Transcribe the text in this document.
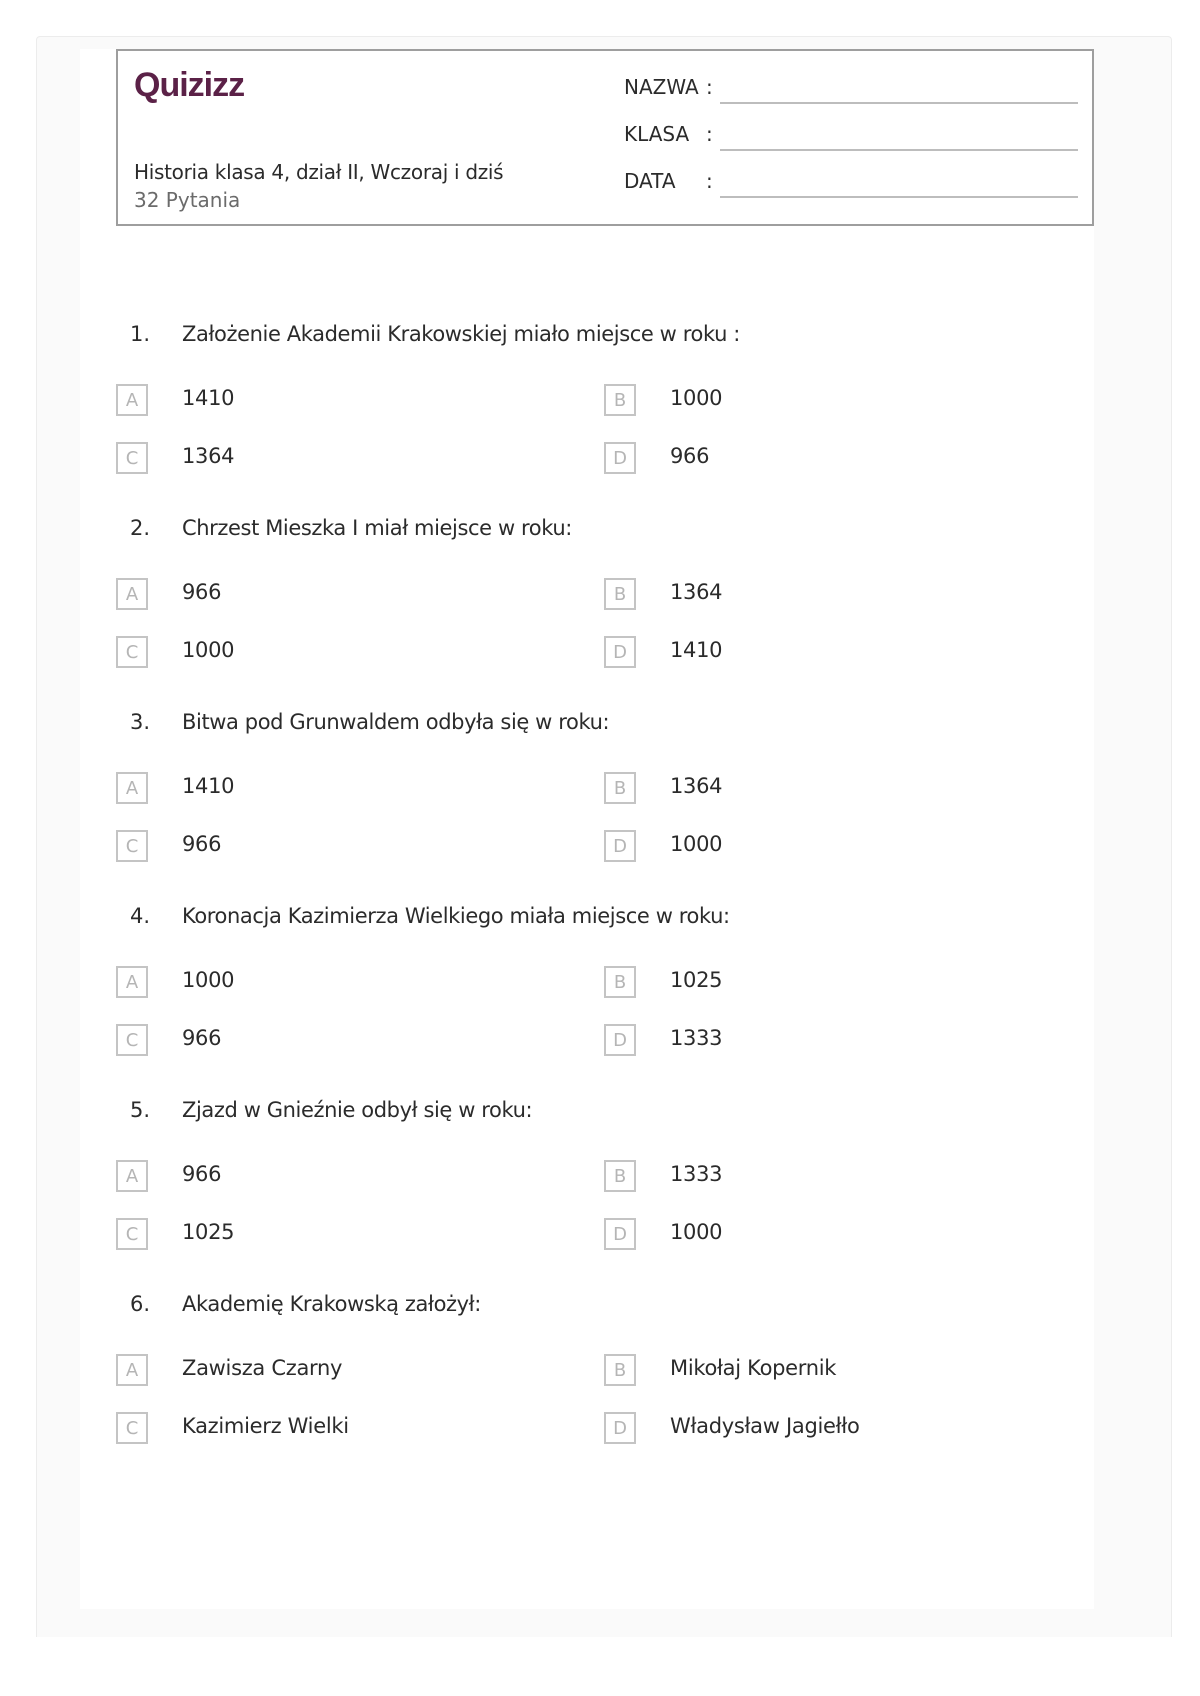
Quizizz
Historia klasa 4, dział II, Wczoraj i dziś
32 Pytania
NAZWA :
KLASA :
DATA :
1. Założenie Akademii Krakowskiej miało miejsce w roku :
A	1410	B	1000
C	1364	D	966
2. Chrzest Mieszka I miał miejsce w roku:
A	966	B	1364
C	1000	D	1410
3. Bitwa pod Grunwaldem odbyła się w roku:
A	1410	B	1364
C	966	D	1000
4. Koronacja Kazimierza Wielkiego miała miejsce w roku:
A	1000	B	1025
C	966	D	1333
5. Zjazd w Gnieźnie odbył się w roku:
A	966	B	1333
C	1025	D	1000
6. Akademię Krakowską założył:
A	Zawisza Czarny	B	Mikołaj Kopernik
C	Kazimierz Wielki	D	Władysław Jagiełło
